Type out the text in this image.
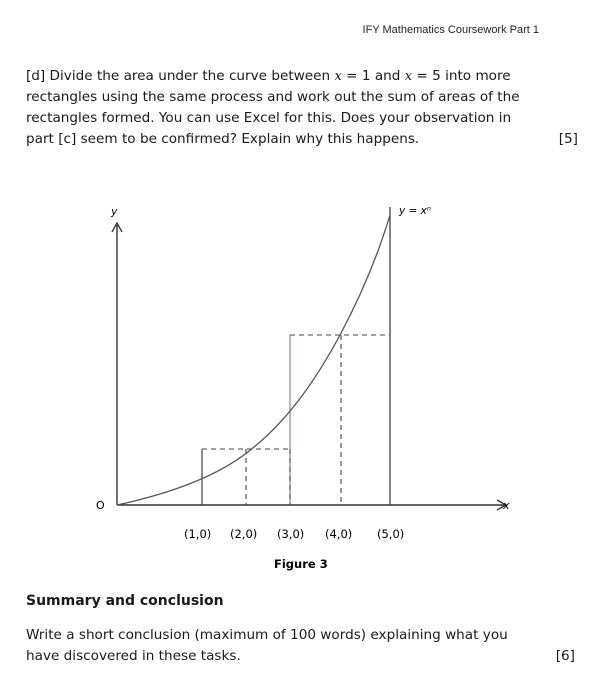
IFY Mathematics Coursework Part 1
[d] Divide the area under the curve between x = 1 and x = 5 into more
rectangles using the same process and work out the sum of areas of the
rectangles formed. You can use Excel for this. Does your observation in
part [c] seem to be confirmed? Explain why this happens.	[5]
y
x
O
y = xⁿ
(1,0) (2,0) (3,0) (4,0) (5,0)
Figure 3
Summary and conclusion
Write a short conclusion (maximum of 100 words) explaining what you
have discovered in these tasks.	[6]
